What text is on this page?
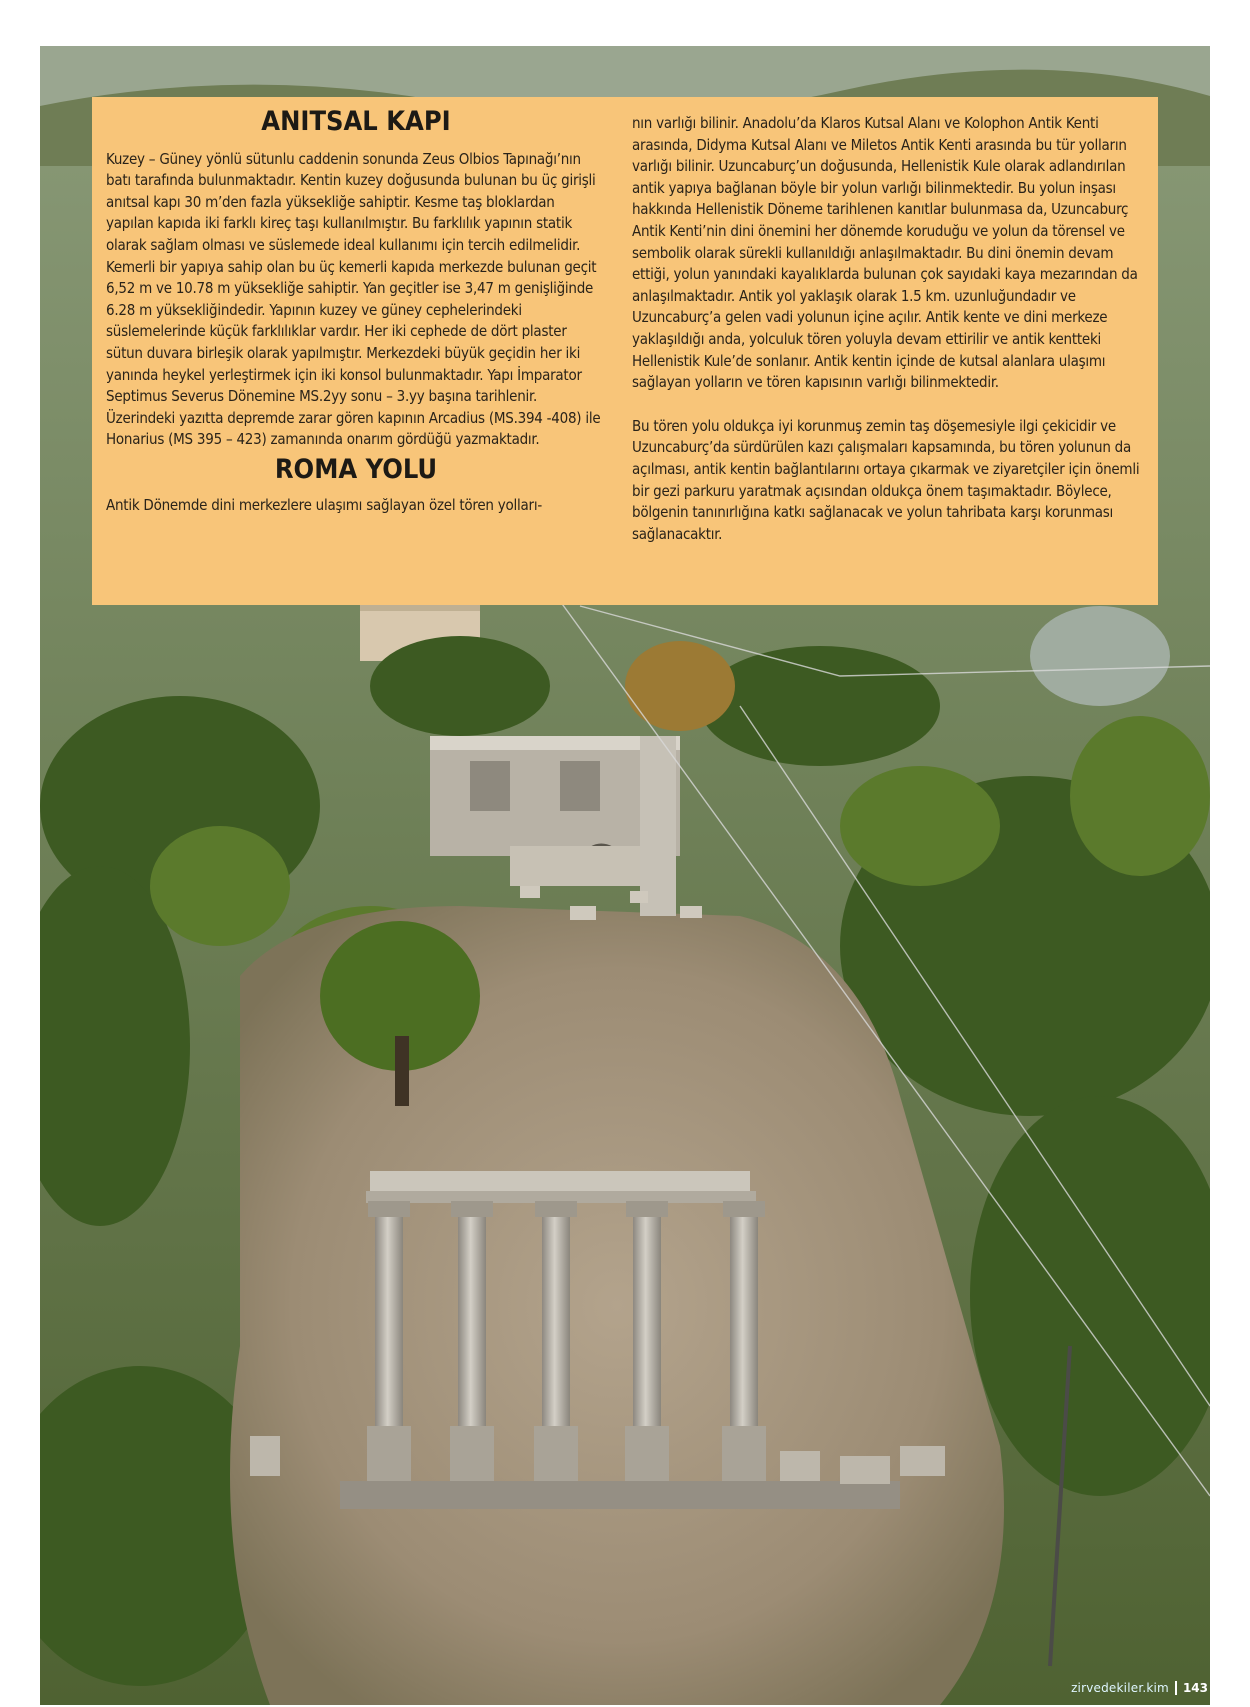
ANITSAL KAPI

Kuzey – Güney yönlü sütunlu caddenin sonunda Zeus Olbios Tapınağı’nın batı tarafında bulunmaktadır. Kentin kuzey doğusunda bulunan bu üç girişli anıtsal kapı 30 m’den fazla yüksekliğe sahiptir. Kesme taş bloklardan yapılan kapıda iki farklı kireç taşı kullanılmıştır. Bu farklılık yapının statik olarak sağlam olması ve süslemede ideal kullanımı için tercih edilmelidir. Kemerli bir yapıya sahip olan bu üç kemerli kapıda merkezde bulunan geçit 6,52 m ve 10.78 m yüksekliğe sahiptir. Yan geçitler ise 3,47 m genişliğinde 6.28 m yüksekliğindedir. Yapının kuzey ve güney cephelerindeki süslemelerinde küçük farklılıklar vardır. Her iki cephede de dört plaster sütun duvara birleşik olarak yapılmıştır. Merkezdeki büyük geçidin her iki yanında heykel yerleştirmek için iki konsol bulunmaktadır. Yapı İmparator Septimus Severus Dönemine MS.2yy sonu – 3.yy başına tarihlenir. Üzerindeki yazıtta depremde zarar gören kapının Arcadius (MS.394 -408) ile Honarius (MS 395 – 423) zamanında onarım gördüğü yazmaktadır.

ROMA YOLU

Antik Dönemde dini merkezlere ulaşımı sağlayan özel tören yolları-

nın varlığı bilinir. Anadolu’da Klaros Kutsal Alanı ve Kolophon Antik Kenti arasında, Didyma Kutsal Alanı ve Miletos Antik Kenti arasında bu tür yolların varlığı bilinir. Uzuncaburç’un doğusunda, Hellenistik Kule olarak adlandırılan antik yapıya bağlanan böyle bir yolun varlığı bilinmektedir. Bu yolun inşası hakkında Hellenistik Döneme tarihlenen kanıtlar bulunmasa da, Uzuncaburç Antik Kenti’nin dini önemini her dönemde koruduğu ve yolun da törensel ve sembolik olarak sürekli kullanıldığı anlaşılmaktadır. Bu dini önemin devam ettiği, yolun yanındaki kayalıklarda bulunan çok sayıdaki kaya mezarından da anlaşılmaktadır. Antik yol yaklaşık olarak 1.5 km. uzunluğundadır ve Uzuncaburç’a gelen vadi yolunun içine açılır. Antik kente ve dini merkeze yaklaşıldığı anda, yolculuk tören yoluyla devam ettirilir ve antik kentteki Hellenistik Kule’de sonlanır. Antik kentin içinde de kutsal alanlara ulaşımı sağlayan yolların ve tören kapısının varlığı bilinmektedir.

Bu tören yolu oldukça iyi korunmuş zemin taş döşemesiyle ilgi çekicidir ve Uzuncaburç’da sürdürülen kazı çalışmaları kapsamında, bu tören yolunun da açılması, antik kentin bağlantılarını ortaya çıkarmak ve ziyaretçiler için önemli bir gezi parkuru yaratmak açısından oldukça önem taşımaktadır. Böylece, bölgenin tanınırlığına katkı sağlanacak ve yolun tahribata karşı korunması sağlanacaktır.

zirvedekiler.kim 143
